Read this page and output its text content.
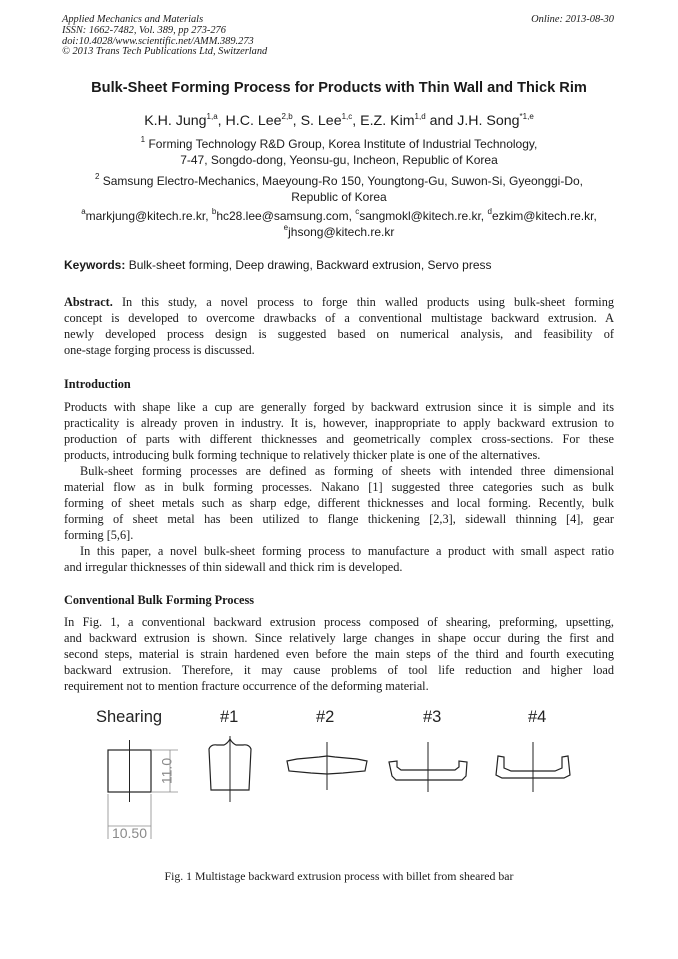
Applied Mechanics and Materials
ISSN: 1662-7482, Vol. 389, pp 273-276
doi:10.4028/www.scientific.net/AMM.389.273
© 2013 Trans Tech Publications Ltd, Switzerland
Online: 2013-08-30
Bulk-Sheet Forming Process for Products with Thin Wall and Thick Rim
K.H. Jung$^{1,a}$, H.C. Lee$^{2,b}$, S. Lee$^{1,c}$, E.Z. Kim$^{1,d}$ and J.H. Song$^{*1,e}$
$^1$ Forming Technology R&D Group, Korea Institute of Industrial Technology,
7-47, Songdo-dong, Yeonsu-gu, Incheon, Republic of Korea
$^2$ Samsung Electro-Mechanics, Maeyoung-Ro 150, Youngtong-Gu, Suwon-Si, Gyeonggi-Do,
Republic of Korea
$^a$markjung@kitech.re.kr, $^b$hc28.lee@samsung.com, $^c$sangmokl@kitech.re.kr, $^d$ezkim@kitech.re.kr,
$^e$jhsong@kitech.re.kr
Keywords: Bulk-sheet forming, Deep drawing, Backward extrusion, Servo press
Abstract. In this study, a novel process to forge thin walled products using bulk-sheet forming
concept is developed to overcome drawbacks of a conventional multistage backward extrusion. A
newly developed process design is suggested based on numerical analysis, and feasibility of
one-stage forging process is discussed.
Introduction
Products with shape like a cup are generally forged by backward extrusion since it is simple and its
practicality is already proven in industry. It is, however, inappropriate to apply backward extrusion to
production of parts with different thicknesses and geometrically complex cross-sections. For these
products, introducing bulk forming technique to relatively thicker plate is one of the alternatives.
Bulk-sheet forming processes are defined as forming of sheets with intended three dimensional
material flow as in bulk forming processes. Nakano [1] suggested three categories such as bulk
forming of sheet metals such as sharp edge, different thicknesses and local forming. Recently, bulk
forming of sheet metal has been utilized to flange thickening [2,3], sidewall thinning [4], gear
forming [5,6].
In this paper, a novel bulk-sheet forming process to manufacture a product with small aspect ratio
and irregular thicknesses of thin sidewall and thick rim is developed.
Conventional Bulk Forming Process
In Fig. 1, a conventional backward extrusion process composed of shearing, preforming, upsetting,
and backward extrusion is shown. Since relatively large changes in shape occur during the first and
second steps, material is strain hardened even before the main steps of the third and fourth executing
backward extrusion. Therefore, it may cause problems of tool life reduction and higher load
requirement not to mention fracture occurrence of the deforming material.
Shearing	#1	#2	#3	#4
11.0
10.50
Fig. 1 Multistage backward extrusion process with billet from sheared bar
